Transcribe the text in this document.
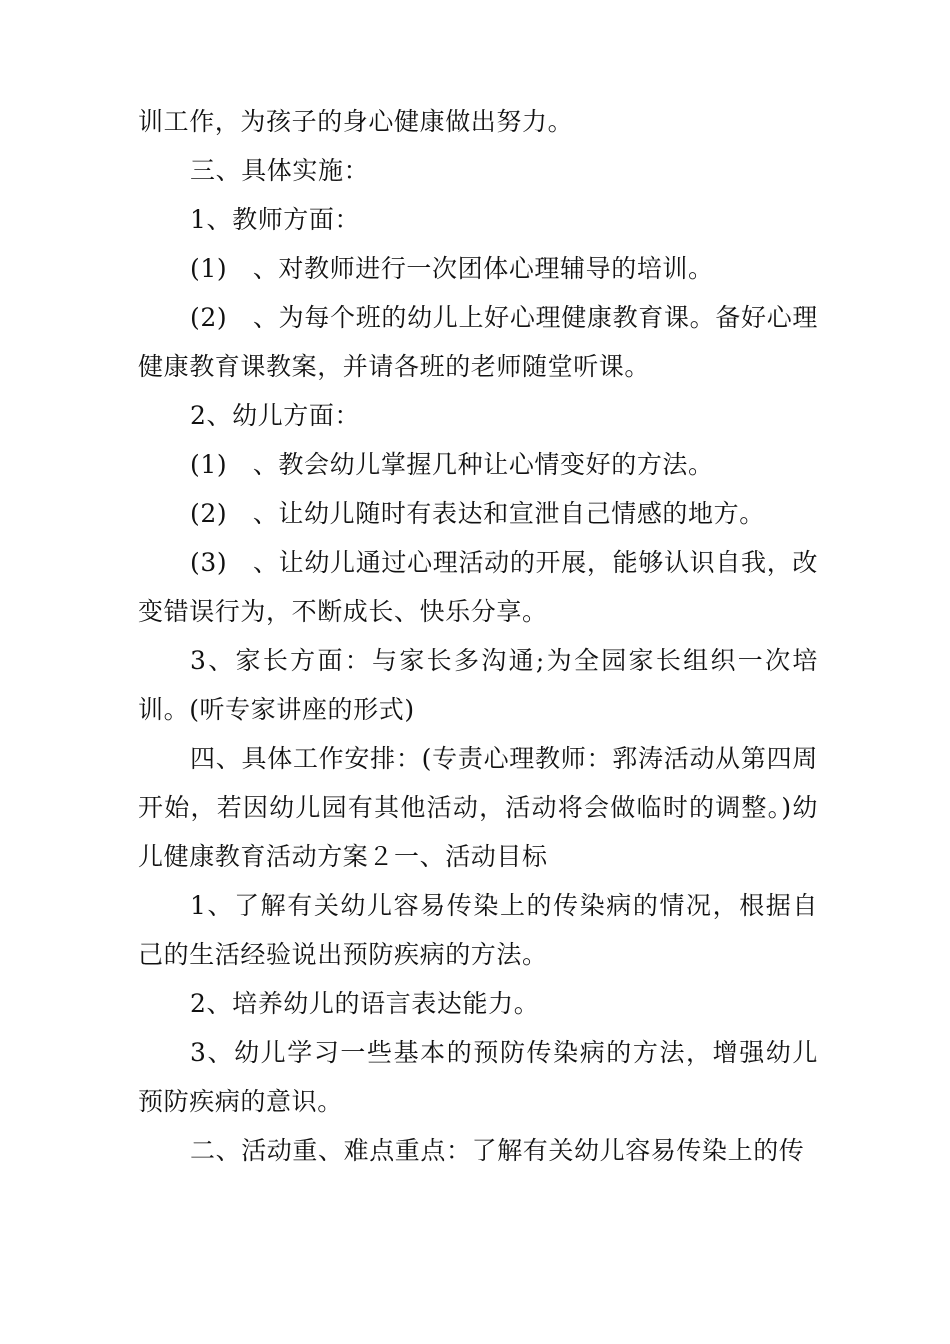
训工作，为孩子的身心健康做出努力。

三、具体实施：

1、教师方面：

(1)　、对教师进行一次团体心理辅导的培训。

(2)　、为每个班的幼儿上好心理健康教育课。备好心理健康教育课教案，并请各班的老师随堂听课。

2、幼儿方面：

(1)　、教会幼儿掌握几种让心情变好的方法。

(2)　、让幼儿随时有表达和宣泄自己情感的地方。

(3)　、让幼儿通过心理活动的开展，能够认识自我，改变错误行为，不断成长、快乐分享。

3、家长方面：与家长多沟通;为全园家长组织一次培训。(听专家讲座的形式)

四、具体工作安排：(专责心理教师：郛涛活动从第四周开始，若因幼儿园有其他活动，活动将会做临时的调整。)幼儿健康教育活动方案２一、活动目标

1、了解有关幼儿容易传染上的传染病的情况，根据自己的生活经验说出预防疾病的方法。

2、培养幼儿的语言表达能力。

3、幼儿学习一些基本的预防传染病的方法，增强幼儿预防疾病的意识。

二、活动重、难点重点：了解有关幼儿容易传染上的传
